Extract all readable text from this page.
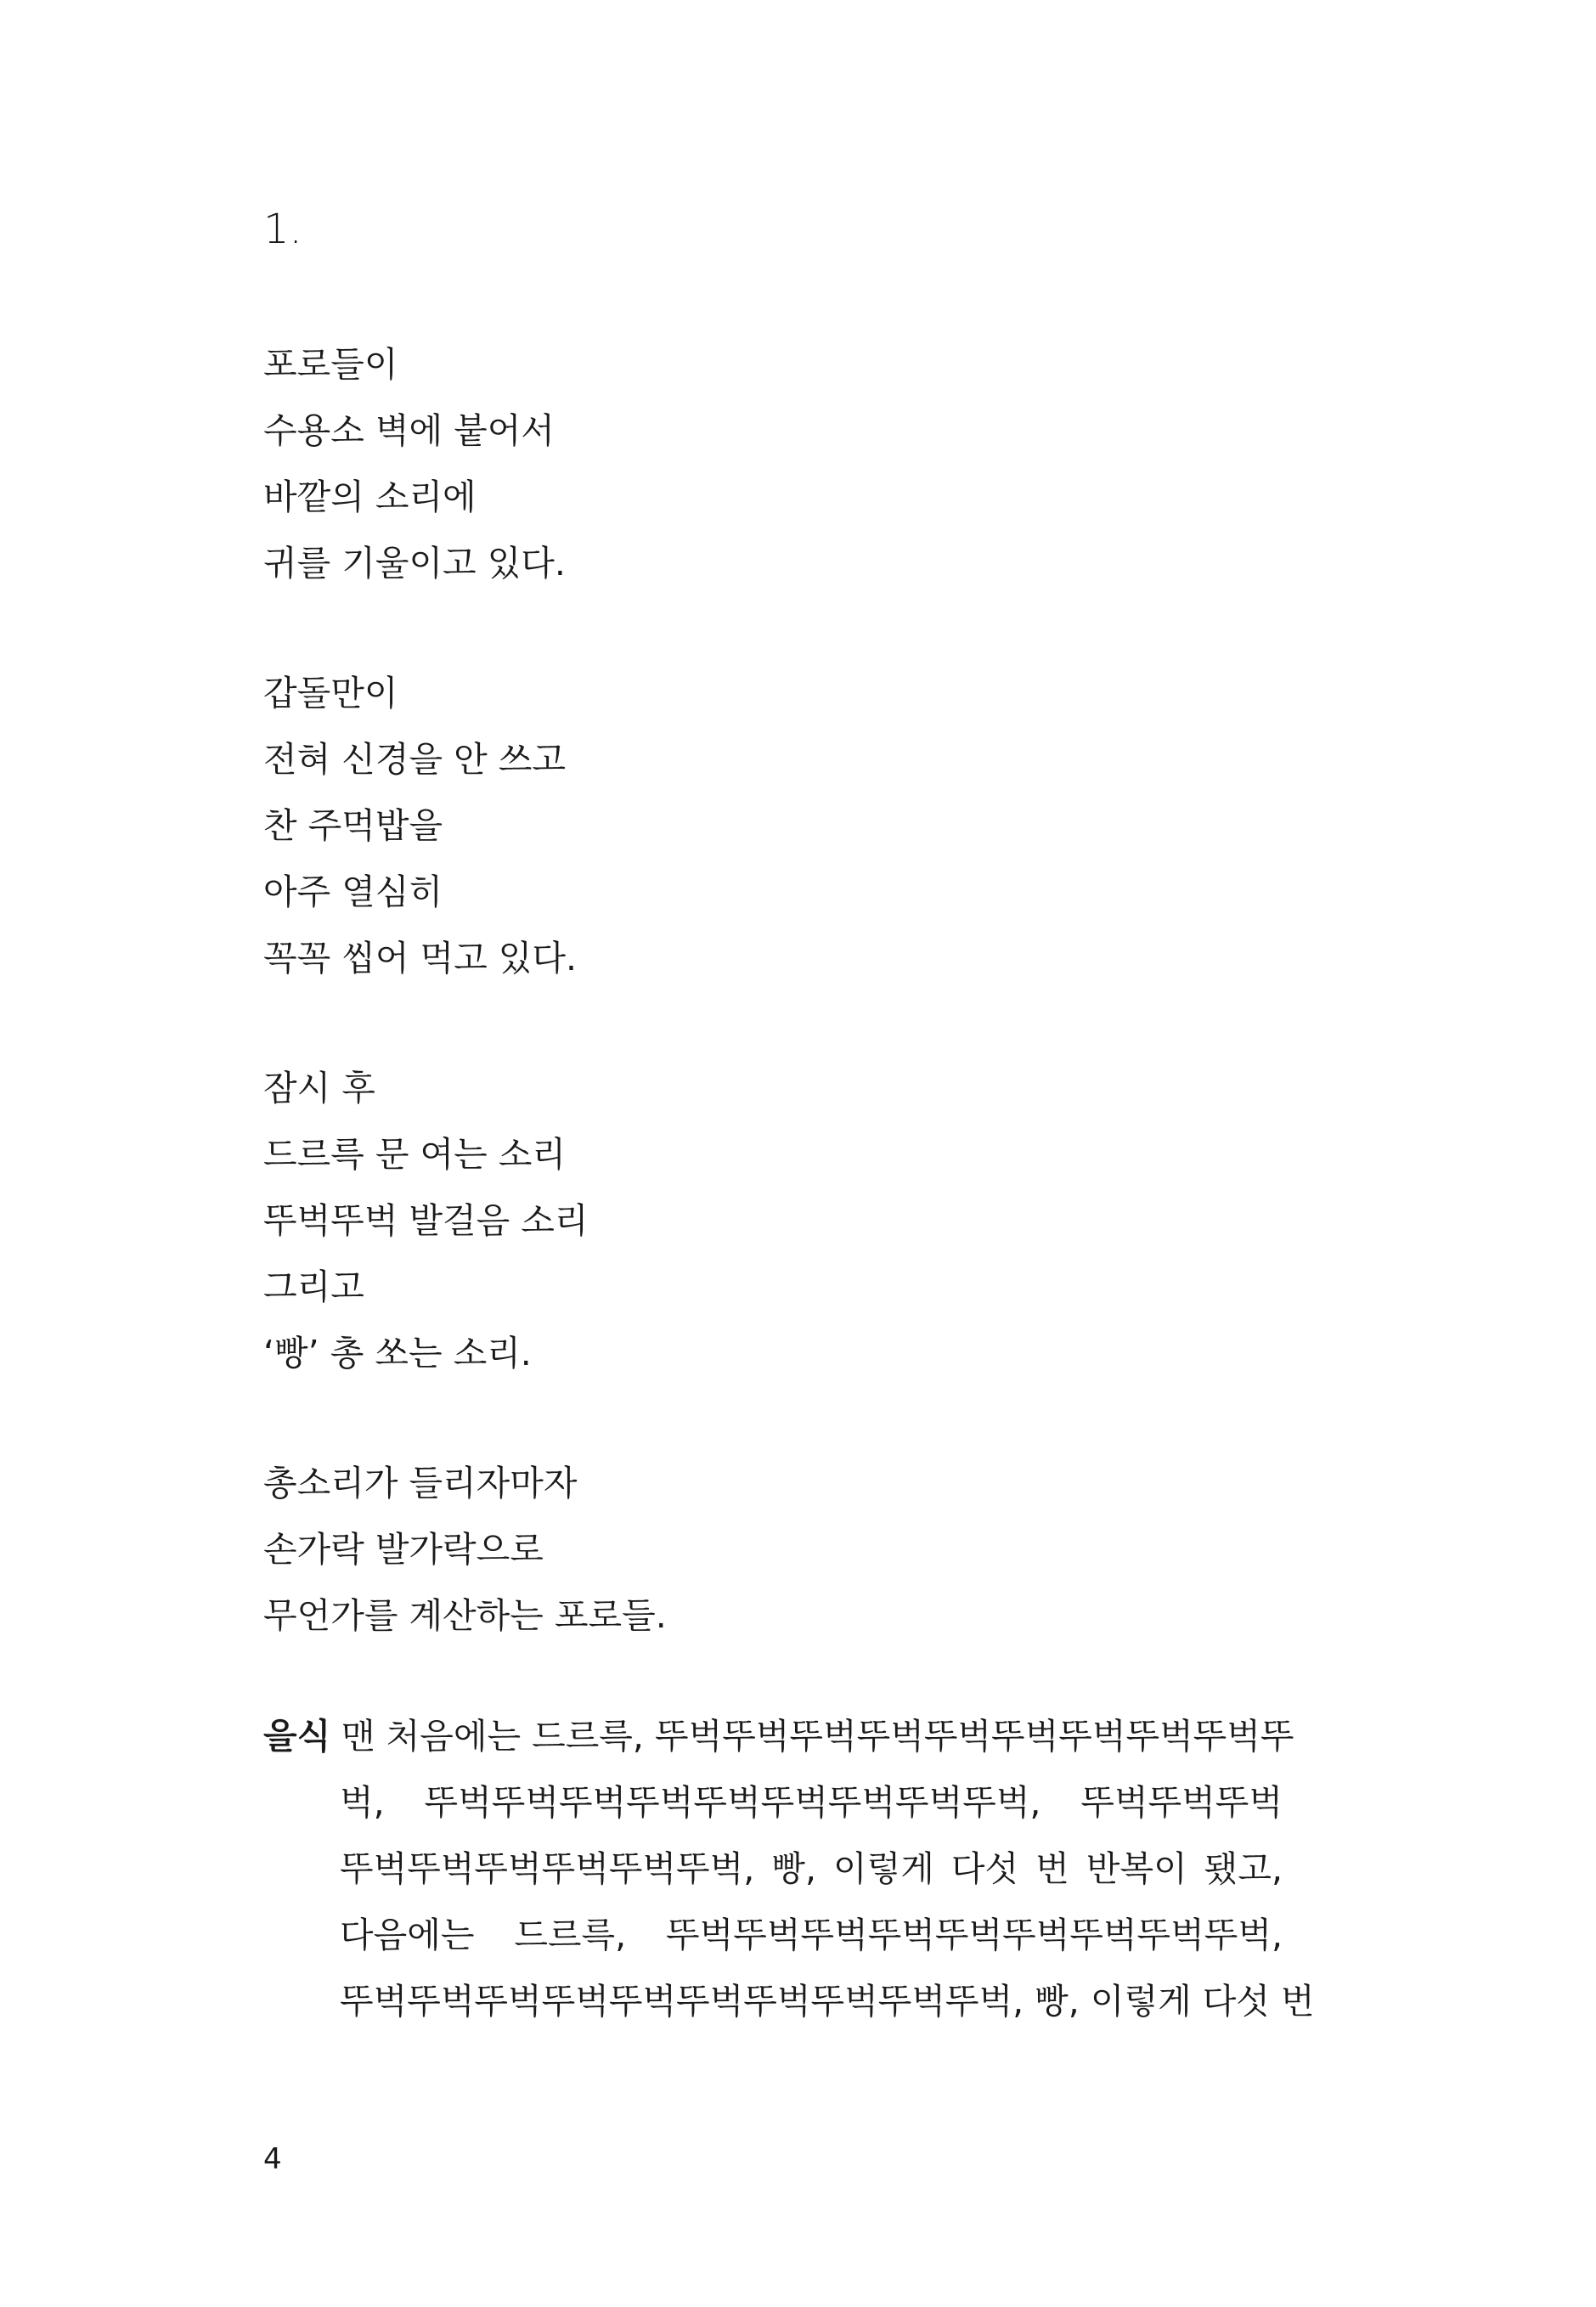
1.
포로들이
수용소 벽에 붙어서
바깥의 소리에
귀를 기울이고 있다.
갑돌만이
전혀 신경을 안 쓰고
찬 주먹밥을
아주 열심히
꼭꼭 씹어 먹고 있다.
잠시 후
드르륵 문 여는 소리
뚜벅뚜벅 발걸음 소리
그리고
‘빵’ 총 쏘는 소리.
총소리가 들리자마자
손가락 발가락으로
무언가를 계산하는 포로들.
을식 맨 처음에는 드르륵, 뚜벅뚜벅뚜벅뚜벅뚜벅뚜벅뚜벅뚜벅뚜벅뚜
벅, 뚜벅뚜벅뚜벅뚜벅뚜벅뚜벅뚜벅뚜벅뚜벅, 뚜벅뚜벅뚜벅
뚜벅뚜벅뚜벅뚜벅뚜벅뚜벅, 빵, 이렇게 다섯 번 반복이 됐고,
다음에는 드르륵, 뚜벅뚜벅뚜벅뚜벅뚜벅뚜벅뚜벅뚜벅뚜벅,
뚜벅뚜벅뚜벅뚜벅뚜벅뚜벅뚜벅뚜벅뚜벅뚜벅, 빵, 이렇게 다섯 번
4
